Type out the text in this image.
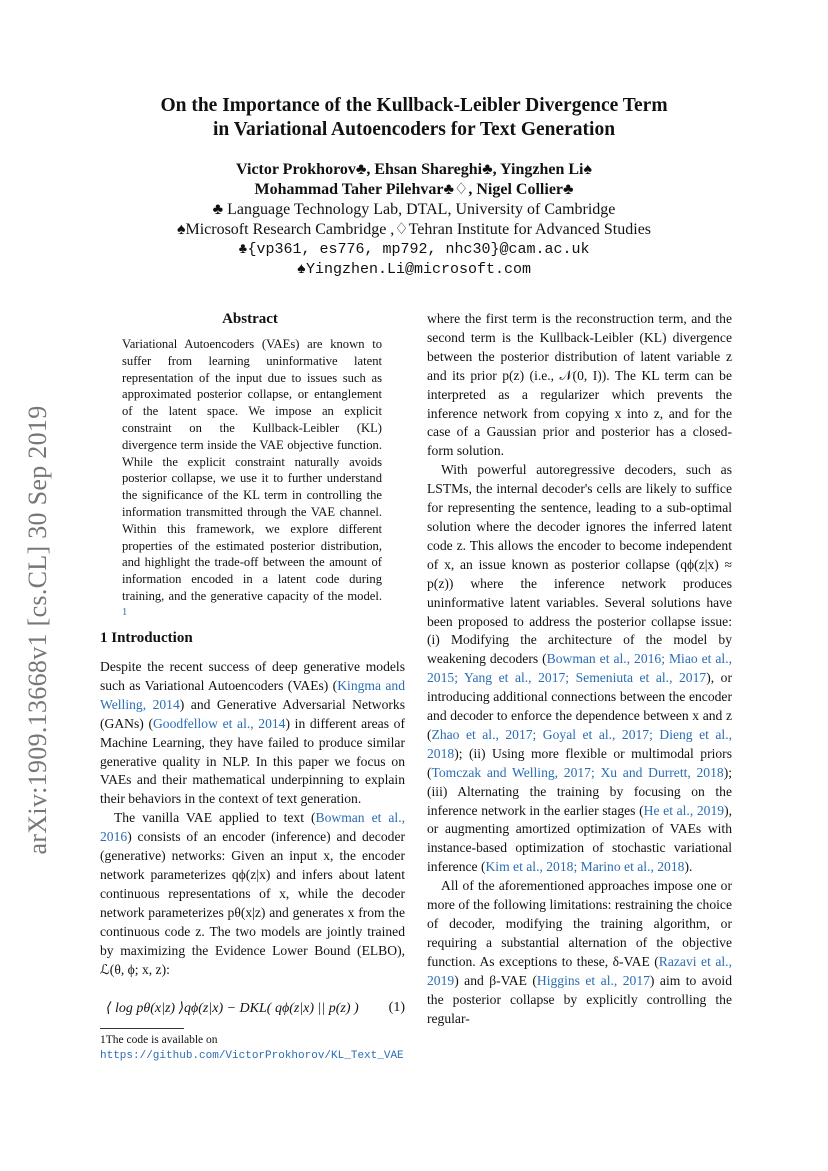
arXiv:1909.13668v1 [cs.CL] 30 Sep 2019
On the Importance of the Kullback-Leibler Divergence Term
in Variational Autoencoders for Text Generation
Victor Prokhorov♣, Ehsan Shareghi♣, Yingzhen Li♠
Mohammad Taher Pilehvar♣♢, Nigel Collier♣
♣ Language Technology Lab, DTAL, University of Cambridge
♠Microsoft Research Cambridge ,♢Tehran Institute for Advanced Studies
♣{vp361, es776, mp792, nhc30}@cam.ac.uk
♠Yingzhen.Li@microsoft.com
Abstract
Variational Autoencoders (VAEs) are known to suffer from learning uninformative latent representation of the input due to issues such as approximated posterior collapse, or entanglement of the latent space. We impose an explicit constraint on the Kullback-Leibler (KL) divergence term inside the VAE objective function. While the explicit constraint naturally avoids posterior collapse, we use it to further understand the significance of the KL term in controlling the information transmitted through the VAE channel. Within this framework, we explore different properties of the estimated posterior distribution, and highlight the trade-off between the amount of information encoded in a latent code during training, and the generative capacity of the model. $^1$
1 Introduction

Despite the recent success of deep generative models such as Variational Autoencoders (VAEs) (Kingma and Welling, 2014) and Generative Adversarial Networks (GANs) (Goodfellow et al., 2014) in different areas of Machine Learning, they have failed to produce similar generative quality in NLP. In this paper we focus on VAEs and their mathematical underpinning to explain their behaviors in the context of text generation.

The vanilla VAE applied to text (Bowman et al., 2016) consists of an encoder (inference) and decoder (generative) networks: Given an input x, the encoder network parameterizes qϕ(z|x) and infers about latent continuous representations of x, while the decoder network parameterizes pθ(x|z) and generates x from the continuous code z. The two models are jointly trained by maximizing the Evidence Lower Bound (ELBO), ℒ(θ, ϕ; x, z):

⟨ log pθ(x|z) ⟩qϕ(z|x) − DKL( qϕ(z|x) || p(z) ) (1)
1The code is available on https://github.com/VictorProkhorov/KL_Text_VAE

where the first term is the reconstruction term, and the second term is the Kullback-Leibler (KL) divergence between the posterior distribution of latent variable z and its prior p(z) (i.e., 𝒩(0, I)). The KL term can be interpreted as a regularizer which prevents the inference network from copying x into z, and for the case of a Gaussian prior and posterior has a closed-form solution.

With powerful autoregressive decoders, such as LSTMs, the internal decoder's cells are likely to suffice for representing the sentence, leading to a sub-optimal solution where the decoder ignores the inferred latent code z. This allows the encoder to become independent of x, an issue known as posterior collapse (qϕ(z|x) ≈ p(z)) where the inference network produces uninformative latent variables. Several solutions have been proposed to address the posterior collapse issue: (i) Modifying the architecture of the model by weakening decoders (Bowman et al., 2016; Miao et al., 2015; Yang et al., 2017; Semeniuta et al., 2017), or introducing additional connections between the encoder and decoder to enforce the dependence between x and z (Zhao et al., 2017; Goyal et al., 2017; Dieng et al., 2018); (ii) Using more flexible or multimodal priors (Tomczak and Welling, 2017; Xu and Durrett, 2018); (iii) Alternating the training by focusing on the inference network in the earlier stages (He et al., 2019), or augmenting amortized optimization of VAEs with instance-based optimization of stochastic variational inference (Kim et al., 2018; Marino et al., 2018).

All of the aforementioned approaches impose one or more of the following limitations: restraining the choice of decoder, modifying the training algorithm, or requiring a substantial alternation of the objective function. As exceptions to these, δ-VAE (Razavi et al., 2019) and β-VAE (Higgins et al., 2017) aim to avoid the posterior collapse by explicitly controlling the regular-
